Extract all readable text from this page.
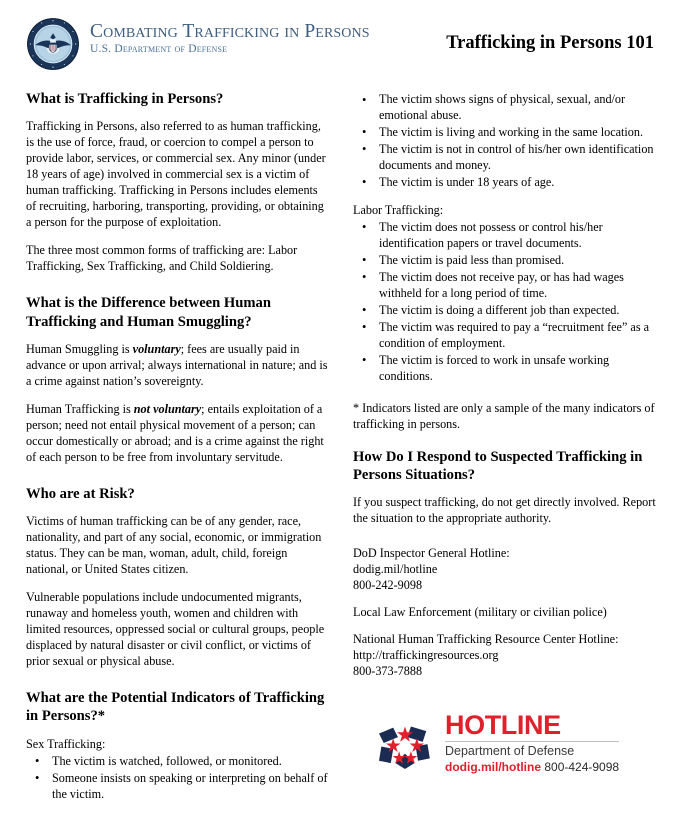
Combating Trafficking in Persons
U.S. Department of Defense	Trafficking in Persons 101
What is Trafficking in Persons?

Trafficking in Persons, also referred to as human trafficking, is the use of force, fraud, or coercion to compel a person to provide labor, services, or commercial sex. Any minor (under 18 years of age) involved in commercial sex is a victim of human trafficking. Trafficking in Persons includes elements of recruiting, harboring, transporting, providing, or obtaining a person for the purpose of exploitation.

The three most common forms of trafficking are: Labor Trafficking, Sex Trafficking, and Child Soldiering.

What is the Difference between Human Trafficking and Human Smuggling?

Human Smuggling is voluntary; fees are usually paid in advance or upon arrival; always international in nature; and is a crime against nation’s sovereignty.

Human Trafficking is not voluntary; entails exploitation of a person; need not entail physical movement of a person; can occur domestically or abroad; and is a crime against the right of each person to be free from involuntary servitude.

Who are at Risk?

Victims of human trafficking can be of any gender, race, nationality, and part of any social, economic, or immigration status. They can be man, woman, adult, child, foreign national, or United States citizen.

Vulnerable populations include undocumented migrants, runaway and homeless youth, women and children with limited resources, oppressed social or cultural groups, people displaced by natural disaster or civil conflict, or victims of prior sexual or physical abuse.

What are the Potential Indicators of Trafficking in Persons?*
Sex Trafficking:
• The victim is watched, followed, or monitored.
• Someone insists on speaking or interpreting on behalf of the victim.
• The victim shows signs of physical, sexual, and/or emotional abuse.
• The victim is living and working in the same location.
• The victim is not in control of his/her own identification documents and money.
• The victim is under 18 years of age.
Labor Trafficking:
• The victim does not possess or control his/her identification papers or travel documents.
• The victim is paid less than promised.
• The victim does not receive pay, or has had wages withheld for a long period of time.
• The victim is doing a different job than expected.
• The victim was required to pay a “recruitment fee” as a condition of employment.
• The victim is forced to work in unsafe working conditions.

* Indicators listed are only a sample of the many indicators of trafficking in persons.

How Do I Respond to Suspected Trafficking in Persons Situations?

If you suspect trafficking, do not get directly involved. Report the situation to the appropriate authority.

DoD Inspector General Hotline:
dodig.mil/hotline
800-242-9098
Local Law Enforcement (military or civilian police)
National Human Trafficking Resource Center Hotline:
http://traffickingresources.org
800-373-7888
HOTLINE
Department of Defense
dodig.mil/hotline 800-424-9098
